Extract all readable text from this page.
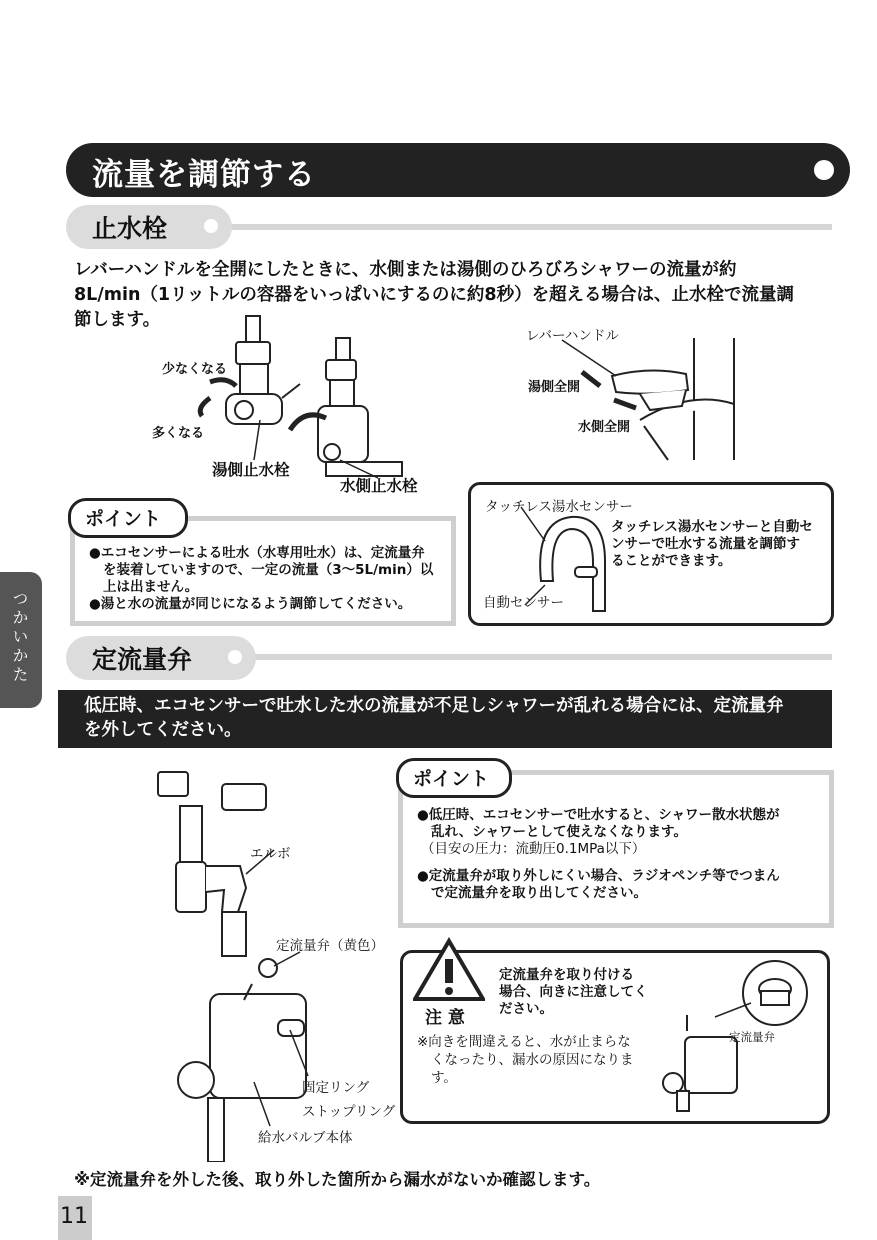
流量を調節する
止水栓
レバーハンドルを全開にしたときに、水側または湯側のひろびろシャワーの流量が約
8L/min（1リットルの容器をいっぱいにするのに約8秒）を超える場合は、止水栓で流量調
節します。
少なくなる
多くなる
湯側止水栓
水側止水栓
レバーハンドル
湯側全開
水側全開
●エコセンサーによる吐水（水専用吐水）は、定流量弁
を装着していますので、一定の流量（3～5L/min）以
上は出ません。
●湯と水の流量が同じになるよう調節してください。
ポイント
タッチレス湯水センサー
自動センサー
タッチレス湯水センサーと自動セ
ンサーで吐水する流量を調節す
ることができます。
つかいかた	定流量弁
低圧時、エコセンサーで吐水した水の流量が不足しシャワーが乱れる場合には、定流量弁
を外してください。
エルボ
定流量弁（黄色）
固定リング
ストップリング
給水バルブ本体
●低圧時、エコセンサーで吐水すると、シャワー散水状態が
乱れ、シャワーとして使えなくなります。
（目安の圧力：流動圧0.1MPa以下）
●定流量弁が取り外しにくい場合、ラジオペンチ等でつまん
で定流量弁を取り出してください。
ポイント
注 意
定流量弁を取り付ける
場合、向きに注意してく
ださい。
※向きを間違えると、水が止まらな
くなったり、漏水の原因になりま
す。
定流量弁
※定流量弁を外した後、取り外した箇所から漏水がないか確認します。
11
